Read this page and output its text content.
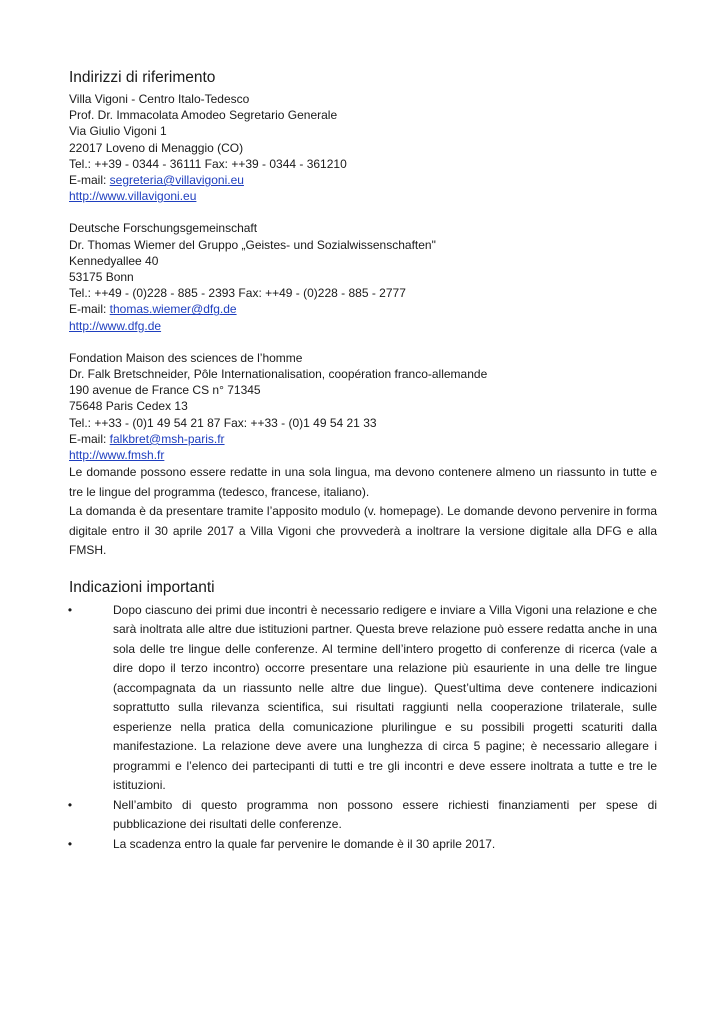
Indirizzi di riferimento
Villa Vigoni - Centro Italo-Tedesco
Prof. Dr. Immacolata Amodeo Segretario Generale
Via Giulio Vigoni 1
22017 Loveno di Menaggio (CO)
Tel.: ++39 - 0344 - 36111 Fax: ++39 - 0344 - 361210
E-mail: segreteria@villavigoni.eu
http://www.villavigoni.eu
Deutsche Forschungsgemeinschaft
Dr. Thomas Wiemer del Gruppo „Geistes- und Sozialwissenschaften"
Kennedyallee 40
53175 Bonn
Tel.: ++49 - (0)228 - 885 - 2393 Fax: ++49 - (0)228 - 885 - 2777
E-mail: thomas.wiemer@dfg.de
http://www.dfg.de
Fondation Maison des sciences de l’homme
Dr. Falk Bretschneider, Pôle Internationalisation, coopération franco-allemande
190 avenue de France CS n° 71345
75648 Paris Cedex 13
Tel.: ++33 - (0)1 49 54 21 87 Fax: ++33 - (0)1 49 54 21 33
E-mail: falkbret@msh-paris.fr
http://www.fmsh.fr

Le domande possono essere redatte in una sola lingua, ma devono contenere almeno un riassunto in tutte e tre le lingue del programma (tedesco, francese, italiano).

La domanda è da presentare tramite l’apposito modulo (v. homepage). Le domande devono pervenire in forma digitale entro il 30 aprile 2017 a Villa Vigoni che provvederà a inoltrare la versione digitale alla DFG e alla FMSH.

Indicazioni importanti
•	Dopo ciascuno dei primi due incontri è necessario redigere e inviare a Villa Vigoni una relazione e che sarà inoltrata alle altre due istituzioni partner. Questa breve relazione può essere redatta anche in una sola delle tre lingue delle conferenze. Al termine dell’intero progetto di conferenze di ricerca (vale a dire dopo il terzo incontro) occorre presentare una relazione più esauriente in una delle tre lingue (accompagnata da un riassunto nelle altre due lingue). Quest’ultima deve contenere indicazioni soprattutto sulla rilevanza scientifica, sui risultati raggiunti nella cooperazione trilaterale, sulle esperienze nella pratica della comunicazione plurilingue e su possibili progetti scaturiti dalla manifestazione. La relazione deve avere una lunghezza di circa 5 pagine; è necessario allegare i programmi e l’elenco dei partecipanti di tutti e tre gli incontri e deve essere inoltrata a tutte e tre le istituzioni.
•	Nell’ambito di questo programma non possono essere richiesti finanziamenti per spese di pubblicazione dei risultati delle conferenze.
•	La scadenza entro la quale far pervenire le domande è il 30 aprile 2017.
